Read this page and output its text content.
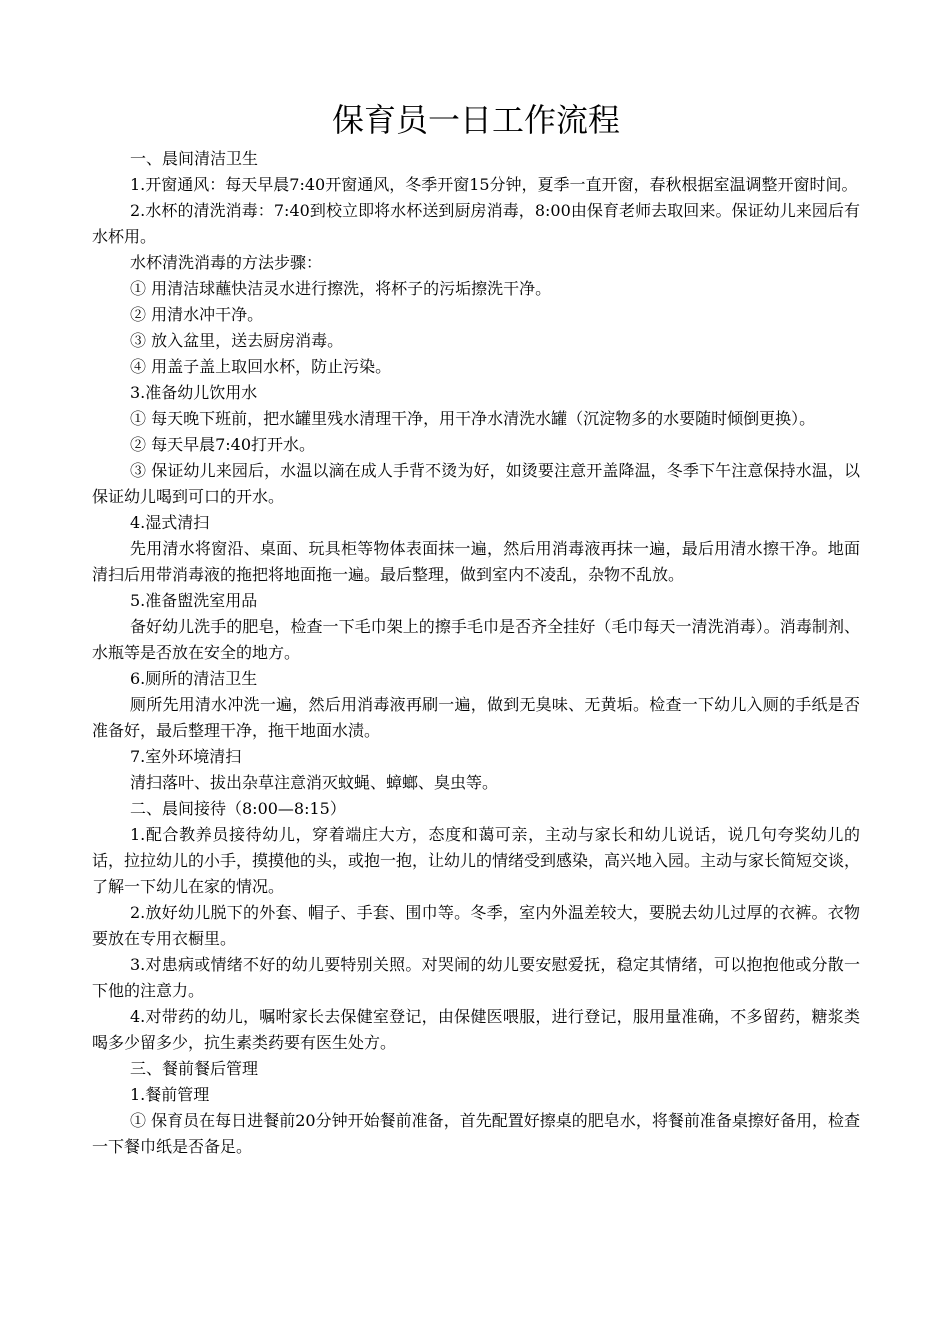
保育员一日工作流程

一、晨间清洁卫生

1.开窗通风：每天早晨7:40开窗通风，冬季开窗15分钟，夏季一直开窗，春秋根据室温调整开窗时间。

2.水杯的清洗消毒：7:40到校立即将水杯送到厨房消毒，8:00由保育老师去取回来。保证幼儿来园后有水杯用。

水杯清洗消毒的方法步骤：

① 用清洁球蘸快洁灵水进行擦洗，将杯子的污垢擦洗干净。

② 用清水冲干净。

③ 放入盆里，送去厨房消毒。

④ 用盖子盖上取回水杯，防止污染。

3.准备幼儿饮用水

① 每天晚下班前，把水罐里残水清理干净，用干净水清洗水罐（沉淀物多的水要随时倾倒更换）。

② 每天早晨7:40打开水。

③ 保证幼儿来园后，水温以滴在成人手背不烫为好，如烫要注意开盖降温，冬季下午注意保持水温，以保证幼儿喝到可口的开水。

4.湿式清扫

先用清水将窗沿、桌面、玩具柜等物体表面抹一遍，然后用消毒液再抹一遍，最后用清水擦干净。地面清扫后用带消毒液的拖把将地面拖一遍。最后整理，做到室内不凌乱，杂物不乱放。

5.准备盥洗室用品

备好幼儿洗手的肥皂，检查一下毛巾架上的擦手毛巾是否齐全挂好（毛巾每天一清洗消毒）。消毒制剂、水瓶等是否放在安全的地方。

6.厕所的清洁卫生

厕所先用清水冲洗一遍，然后用消毒液再刷一遍，做到无臭味、无黄垢。检查一下幼儿入厕的手纸是否准备好，最后整理干净，拖干地面水渍。

7.室外环境清扫

清扫落叶、拔出杂草注意消灭蚊蝇、蟑螂、臭虫等。

二、晨间接待（8:00—8:15）

1.配合教养员接待幼儿，穿着端庄大方，态度和蔼可亲，主动与家长和幼儿说话，说几句夸奖幼儿的话，拉拉幼儿的小手，摸摸他的头，或抱一抱，让幼儿的情绪受到感染，高兴地入园。主动与家长简短交谈，了解一下幼儿在家的情况。

2.放好幼儿脱下的外套、帽子、手套、围巾等。冬季，室内外温差较大，要脱去幼儿过厚的衣裤。衣物要放在专用衣橱里。

3.对患病或情绪不好的幼儿要特别关照。对哭闹的幼儿要安慰爱抚，稳定其情绪，可以抱抱他或分散一下他的注意力。

4.对带药的幼儿，嘱咐家长去保健室登记，由保健医喂服，进行登记，服用量准确，不多留药，糖浆类喝多少留多少，抗生素类药要有医生处方。

三、餐前餐后管理

1.餐前管理

① 保育员在每日进餐前20分钟开始餐前准备，首先配置好擦桌的肥皂水，将餐前准备桌擦好备用，检查一下餐巾纸是否备足。
